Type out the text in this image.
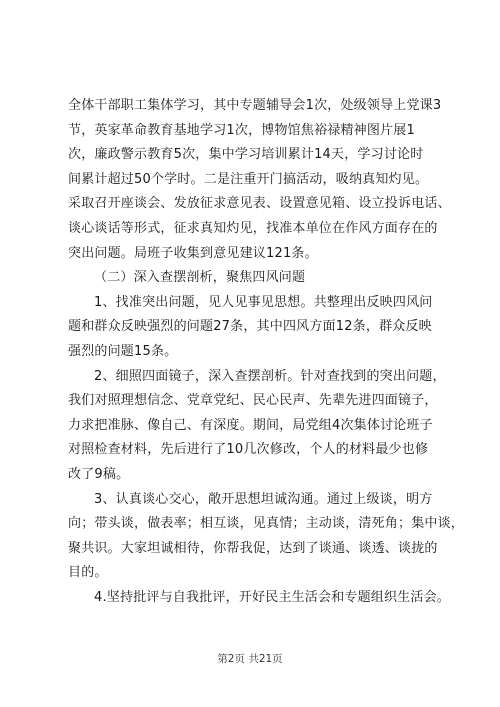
全体干部职工集体学习，其中专题辅导会1次，处级领导上党课3
节，英家革命教育基地学习1次，博物馆焦裕禄精神图片展1
次，廉政警示教育5次，集中学习培训累计14天，学习讨论时
间累计超过50个学时。二是注重开门搞活动，吸纳真知灼见。
采取召开座谈会、发放征求意见表、设置意见箱、设立投诉电话、
谈心谈话等形式，征求真知灼见，找准本单位在作风方面存在的
突出问题。局班子收集到意见建议121条。
（二）深入查摆剖析，聚焦四风问题
1、找准突出问题，见人见事见思想。共整理出反映四风问
题和群众反映强烈的问题27条，其中四风方面12条，群众反映
强烈的问题15条。
2、细照四面镜子，深入查摆剖析。针对查找到的突出问题，
我们对照理想信念、党章党纪、民心民声、先辈先进四面镜子，
力求把准脉、像自己、有深度。期间，局党组4次集体讨论班子
对照检查材料，先后进行了10几次修改，个人的材料最少也修
改了9稿。
3、认真谈心交心，敞开思想坦诚沟通。通过上级谈，明方
向；带头谈，做表率；相互谈，见真情；主动谈，清死角；集中谈，
聚共识。大家坦诚相待，你帮我促，达到了谈通、谈透、谈拢的
目的。
4.坚持批评与自我批评，开好民主生活会和专题组织生活会。
第2页 共21页
